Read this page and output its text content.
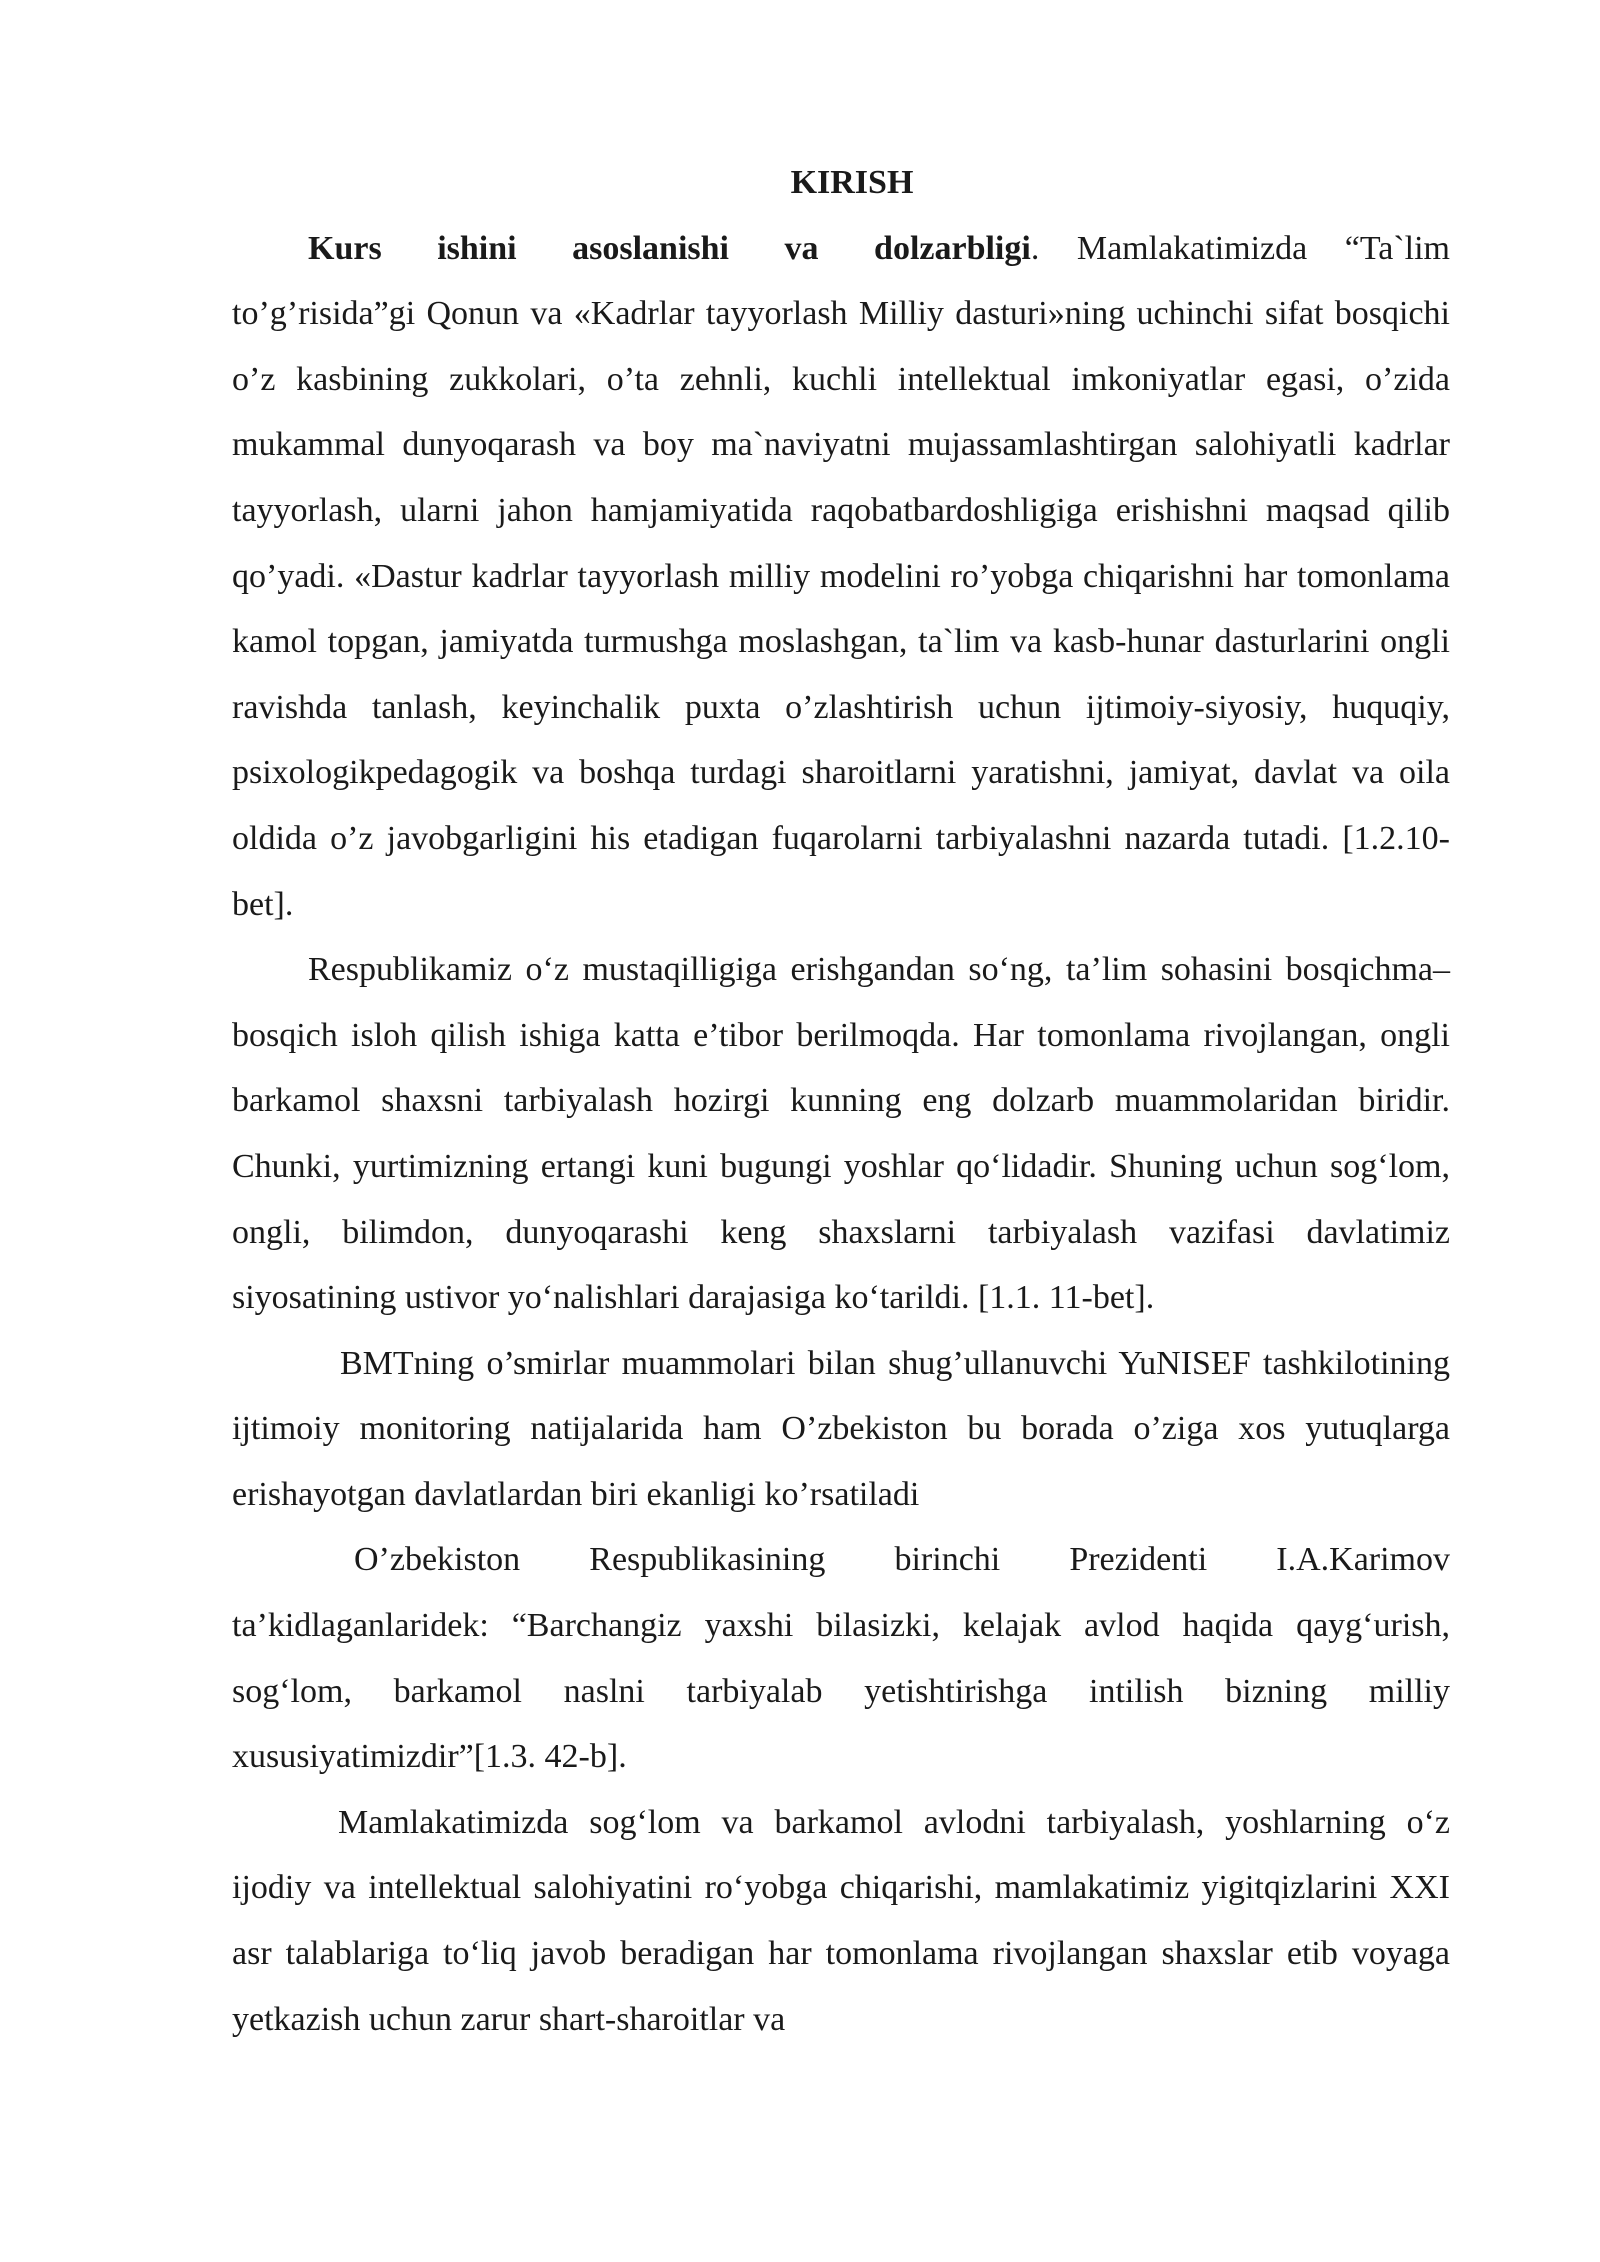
KIRISH

Kurs ishini asoslanishi va dolzarbligi. Mamlakatimizda “Ta`lim to’g’risida”gi Qonun va «Kadrlar tayyorlash Milliy dasturi»ning uchinchi sifat bosqichi o’z kasbining zukkolari, o’ta zehnli, kuchli intellektual imkoniyatlar egasi, o’zida mukammal dunyoqarash va boy ma`naviyatni mujassamlashtirgan salohiyatli kadrlar tayyorlash, ularni jahon hamjamiyatida raqobatbardoshligiga erishishni maqsad qilib qo’yadi. «Dastur kadrlar tayyorlash milliy modelini ro’yobga chiqarishni har tomonlama kamol topgan, jamiyatda turmushga moslashgan, ta`lim va kasb-hunar dasturlarini ongli ravishda tanlash, keyinchalik puxta o’zlashtirish uchun ijtimoiy-siyosiy, huquqiy, psixologikpedagogik va boshqa turdagi sharoitlarni yaratishni, jamiyat, davlat va oila oldida o’z javobgarligini his etadigan fuqarolarni tarbiyalashni nazarda tutadi. [1.2.10-bet].

Respublikamiz o‘z mustaqilligiga erishgandan so‘ng, ta’lim sohasini bosqichma–bosqich isloh qilish ishiga katta e’tibor berilmoqda. Har tomonlama rivojlangan, ongli barkamol shaxsni tarbiyalash hozirgi kunning eng dolzarb muammolaridan biridir. Chunki, yurtimizning ertangi kuni bugungi yoshlar qo‘lidadir. Shuning uchun sog‘lom, ongli, bilimdon, dunyoqarashi keng shaxslarni tarbiyalash vazifasi davlatimiz siyosatining ustivor yo‘nalishlari darajasiga ko‘tarildi. [1.1. 11-bet].

BMTning o’smirlar muammolari bilan shug’ullanuvchi YuNISEF tashkilotining ijtimoiy monitoring natijalarida ham O’zbekiston bu borada o’ziga xos yutuqlarga erishayotgan davlatlardan biri ekanligi ko’rsatiladi

O’zbekiston Respublikasining birinchi Prezidenti I.A.Karimov ta’kidlaganlaridek: “Barchangiz yaxshi bilasizki, kelajak avlod haqida qayg‘urish, sog‘lom, barkamol naslni tarbiyalab yetishtirishga intilish bizning milliy xususiyatimizdir”[1.3. 42-b].

Mamlakatimizda sog‘lom va barkamol avlodni tarbiyalash, yoshlarning o‘z ijodiy va intellektual salohiyatini ro‘yobga chiqarishi, mamlakatimiz yigitqizlarini XXI asr talablariga to‘liq javob beradigan har tomonlama rivojlangan shaxslar etib voyaga yetkazish uchun zarur shart-sharoitlar va
